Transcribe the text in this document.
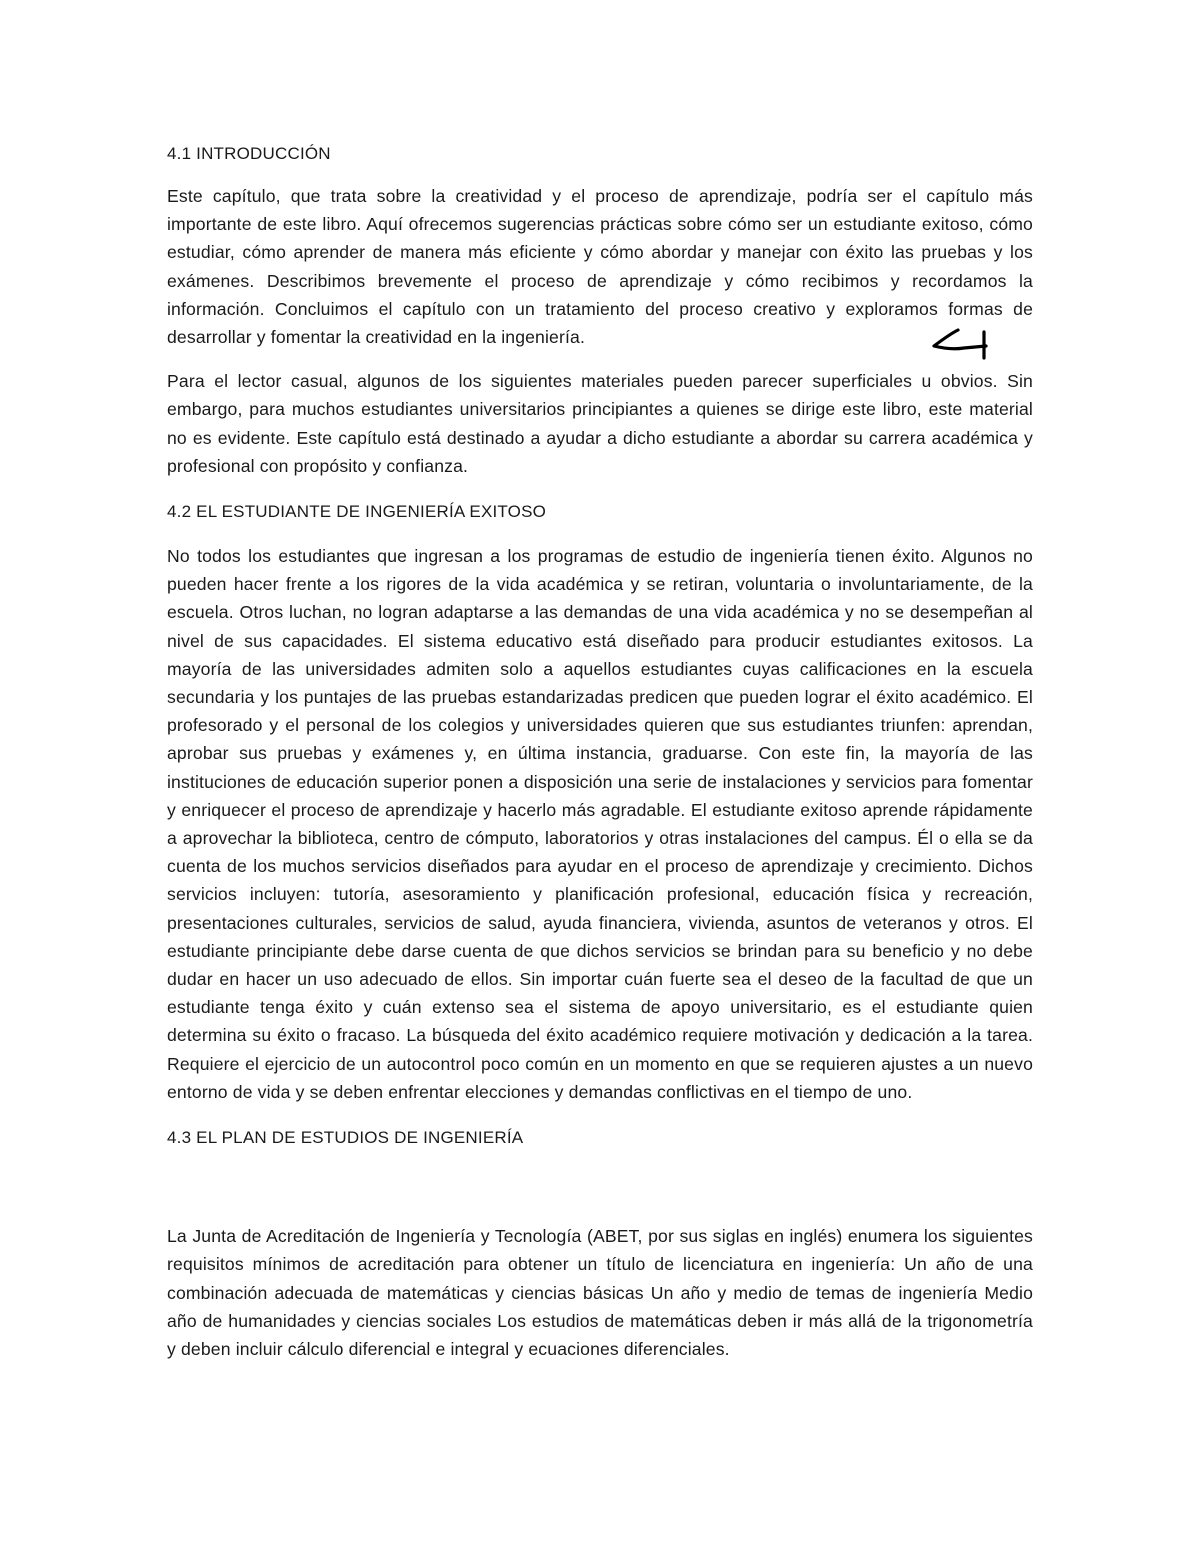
4.1 INTRODUCCIÓN

Este capítulo, que trata sobre la creatividad y el proceso de aprendizaje, podría ser el capítulo más importante de este libro. Aquí ofrecemos sugerencias prácticas sobre cómo ser un estudiante exitoso, cómo estudiar, cómo aprender de manera más eficiente y cómo abordar y manejar con éxito las pruebas y los exámenes. Describimos brevemente el proceso de aprendizaje y cómo recibimos y recordamos la información. Concluimos el capítulo con un tratamiento del proceso creativo y exploramos formas de desarrollar y fomentar la creatividad en la ingeniería.

Para el lector casual, algunos de los siguientes materiales pueden parecer superficiales u obvios. Sin embargo, para muchos estudiantes universitarios principiantes a quienes se dirige este libro, este material no es evidente. Este capítulo está destinado a ayudar a dicho estudiante a abordar su carrera académica y profesional con propósito y confianza.

4.2 EL ESTUDIANTE DE INGENIERÍA EXITOSO

No todos los estudiantes que ingresan a los programas de estudio de ingeniería tienen éxito. Algunos no pueden hacer frente a los rigores de la vida académica y se retiran, voluntaria o involuntariamente, de la escuela. Otros luchan, no logran adaptarse a las demandas de una vida académica y no se desempeñan al nivel de sus capacidades. El sistema educativo está diseñado para producir estudiantes exitosos. La mayoría de las universidades admiten solo a aquellos estudiantes cuyas calificaciones en la escuela secundaria y los puntajes de las pruebas estandarizadas predicen que pueden lograr el éxito académico. El profesorado y el personal de los colegios y universidades quieren que sus estudiantes triunfen: aprendan, aprobar sus pruebas y exámenes y, en última instancia, graduarse. Con este fin, la mayoría de las instituciones de educación superior ponen a disposición una serie de instalaciones y servicios para fomentar y enriquecer el proceso de aprendizaje y hacerlo más agradable. El estudiante exitoso aprende rápidamente a aprovechar la biblioteca, centro de cómputo, laboratorios y otras instalaciones del campus. Él o ella se da cuenta de los muchos servicios diseñados para ayudar en el proceso de aprendizaje y crecimiento. Dichos servicios incluyen: tutoría, asesoramiento y planificación profesional, educación física y recreación, presentaciones culturales, servicios de salud, ayuda financiera, vivienda, asuntos de veteranos y otros. El estudiante principiante debe darse cuenta de que dichos servicios se brindan para su beneficio y no debe dudar en hacer un uso adecuado de ellos. Sin importar cuán fuerte sea el deseo de la facultad de que un estudiante tenga éxito y cuán extenso sea el sistema de apoyo universitario, es el estudiante quien determina su éxito o fracaso. La búsqueda del éxito académico requiere motivación y dedicación a la tarea. Requiere el ejercicio de un autocontrol poco común en un momento en que se requieren ajustes a un nuevo entorno de vida y se deben enfrentar elecciones y demandas conflictivas en el tiempo de uno.

4.3 EL PLAN DE ESTUDIOS DE INGENIERÍA

La Junta de Acreditación de Ingeniería y Tecnología (ABET, por sus siglas en inglés) enumera los siguientes requisitos mínimos de acreditación para obtener un título de licenciatura en ingeniería: Un año de una combinación adecuada de matemáticas y ciencias básicas Un año y medio de temas de ingeniería Medio año de humanidades y ciencias sociales Los estudios de matemáticas deben ir más allá de la trigonometría y deben incluir cálculo diferencial e integral y ecuaciones diferenciales.
